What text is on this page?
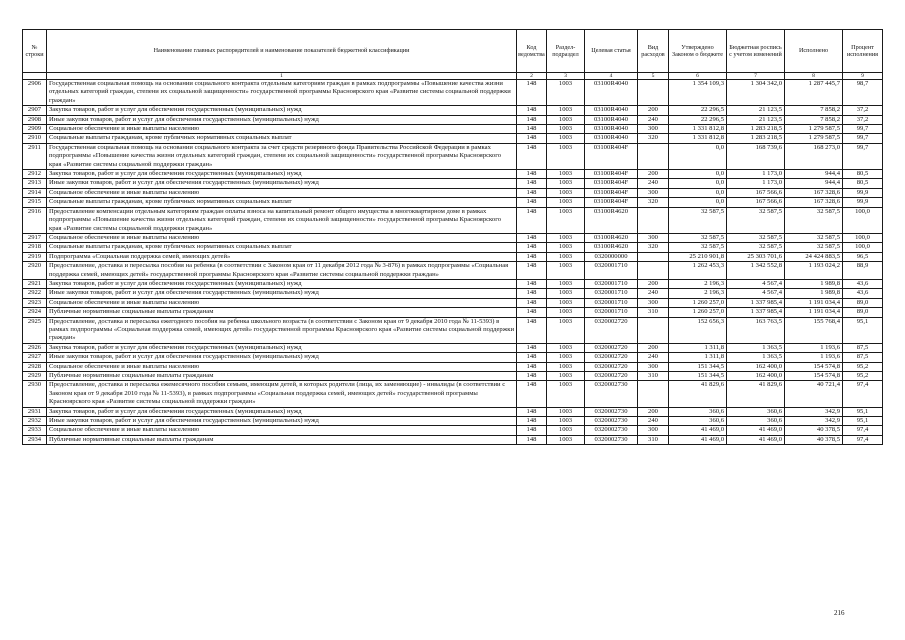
№ строки	Наименование главных распорядителей и наименование показателей бюджетной классификации	Код ведомства	Раздел-подраздел	Целевая статья	Вид расходов	Утверждено Законом о бюджете	Бюджетная роспись с учетом изменений	Исполнено	Процент исполнения
	1	2	3	4	5	6	7	8	9
2906	Государственная социальная помощь на основании социального контракта отдельным категориям граждан в рамках подпрограммы «Повышение качества жизни отдельных категорий граждан, степени их социальной защищенности» государственной программы Красноярского края «Развитие системы социальной поддержки граждан»	148	1003	03100R4040		1 354 109,3	1 304 342,0	1 287 445,7	98,7
2907	Закупка товаров, работ и услуг для обеспечения государственных (муниципальных) нужд	148	1003	03100R4040	200	22 296,5	21 123,5	7 858,2	37,2
2908	Иные закупки товаров, работ и услуг для обеспечения государственных (муниципальных) нужд	148	1003	03100R4040	240	22 296,5	21 123,5	7 858,2	37,2
2909	Социальное обеспечение и иные выплаты населению	148	1003	03100R4040	300	1 331 812,8	1 283 218,5	1 279 587,5	99,7
2910	Социальные выплаты гражданам, кроме публичных нормативных социальных выплат	148	1003	03100R4040	320	1 331 812,8	1 283 218,5	1 279 587,5	99,7
2911	Государственная социальная помощь на основании социального контракта за счет средств резервного фонда Правительства Российской Федерации в рамках подпрограммы «Повышение качества жизни отдельных категорий граждан, степени их социальной защищенности» государственной программы Красноярского края «Развитие системы социальной поддержки граждан»	148	1003	03100R404F		0,0	168 739,6	168 273,0	99,7
2912	Закупка товаров, работ и услуг для обеспечения государственных (муниципальных) нужд	148	1003	03100R404F	200	0,0	1 173,0	944,4	80,5
2913	Иные закупки товаров, работ и услуг для обеспечения государственных (муниципальных) нужд	148	1003	03100R404F	240	0,0	1 173,0	944,4	80,5
2914	Социальное обеспечение и иные выплаты населению	148	1003	03100R404F	300	0,0	167 566,6	167 328,6	99,9
2915	Социальные выплаты гражданам, кроме публичных нормативных социальных выплат	148	1003	03100R404F	320	0,0	167 566,6	167 328,6	99,9
2916	Предоставление компенсации отдельным категориям граждан оплаты взноса на капитальный ремонт общего имущества в многоквартирном доме в рамках подпрограммы «Повышение качества жизни отдельных категорий граждан, степени их социальной защищенности» государственной программы Красноярского края «Развитие системы социальной поддержки граждан»	148	1003	03100R4620		32 587,5	32 587,5	32 587,5	100,0
2917	Социальное обеспечение и иные выплаты населению	148	1003	03100R4620	300	32 587,5	32 587,5	32 587,5	100,0
2918	Социальные выплаты гражданам, кроме публичных нормативных социальных выплат	148	1003	03100R4620	320	32 587,5	32 587,5	32 587,5	100,0
2919	Подпрограмма «Социальная поддержка семей, имеющих детей»	148	1003	0320000000		25 210 901,8	25 303 701,6	24 424 883,5	96,5
2920	Предоставление, доставка и пересылка пособия на ребенка (в соответствии с Законом края от 11 декабря 2012 года № 3-876) в рамках подпрограммы «Социальная поддержка семей, имеющих детей» государственной программы Красноярского края «Развитие системы социальной поддержки граждан»	148	1003	0320001710		1 262 453,3	1 342 552,8	1 193 024,2	88,9
2921	Закупка товаров, работ и услуг для обеспечения государственных (муниципальных) нужд	148	1003	0320001710	200	2 196,3	4 567,4	1 989,8	43,6
2922	Иные закупки товаров, работ и услуг для обеспечения государственных (муниципальных) нужд	148	1003	0320001710	240	2 196,3	4 567,4	1 989,8	43,6
2923	Социальное обеспечение и иные выплаты населению	148	1003	0320001710	300	1 260 257,0	1 337 985,4	1 191 034,4	89,0
2924	Публичные нормативные социальные выплаты гражданам	148	1003	0320001710	310	1 260 257,0	1 337 985,4	1 191 034,4	89,0
2925	Предоставление, доставка и пересылка ежегодного пособия на ребенка школьного возраста (в соответствии с Законом края от 9 декабря 2010 года № 11-5393) в рамках подпрограммы «Социальная поддержка семей, имеющих детей» государственной программы Красноярского края «Развитие системы социальной поддержки граждан»	148	1003	0320002720		152 656,3	163 763,5	155 768,4	95,1
2926	Закупка товаров, работ и услуг для обеспечения государственных (муниципальных) нужд	148	1003	0320002720	200	1 311,8	1 363,5	1 193,6	87,5
2927	Иные закупки товаров, работ и услуг для обеспечения государственных (муниципальных) нужд	148	1003	0320002720	240	1 311,8	1 363,5	1 193,6	87,5
2928	Социальное обеспечение и иные выплаты населению	148	1003	0320002720	300	151 344,5	162 400,0	154 574,8	95,2
2929	Публичные нормативные социальные выплаты гражданам	148	1003	0320002720	310	151 344,5	162 400,0	154 574,8	95,2
2930	Предоставление, доставка и пересылка ежемесячного пособия семьям, имеющим детей, в которых родители (лица, их заменяющие) - инвалиды (в соответствии с Законом края от 9 декабря 2010 года № 11-5393), в рамках подпрограммы «Социальная поддержка семей, имеющих детей» государственной программы Красноярского края «Развитие системы социальной поддержки граждан»	148	1003	0320002730		41 829,6	41 829,6	40 721,4	97,4
2931	Закупка товаров, работ и услуг для обеспечения государственных (муниципальных) нужд	148	1003	0320002730	200	360,6	360,6	342,9	95,1
2932	Иные закупки товаров, работ и услуг для обеспечения государственных (муниципальных) нужд	148	1003	0320002730	240	360,6	360,6	342,9	95,1
2933	Социальное обеспечение и иные выплаты населению	148	1003	0320002730	300	41 469,0	41 469,0	40 378,5	97,4
2934	Публичные нормативные социальные выплаты гражданам	148	1003	0320002730	310	41 469,0	41 469,0	40 378,5	97,4
216
